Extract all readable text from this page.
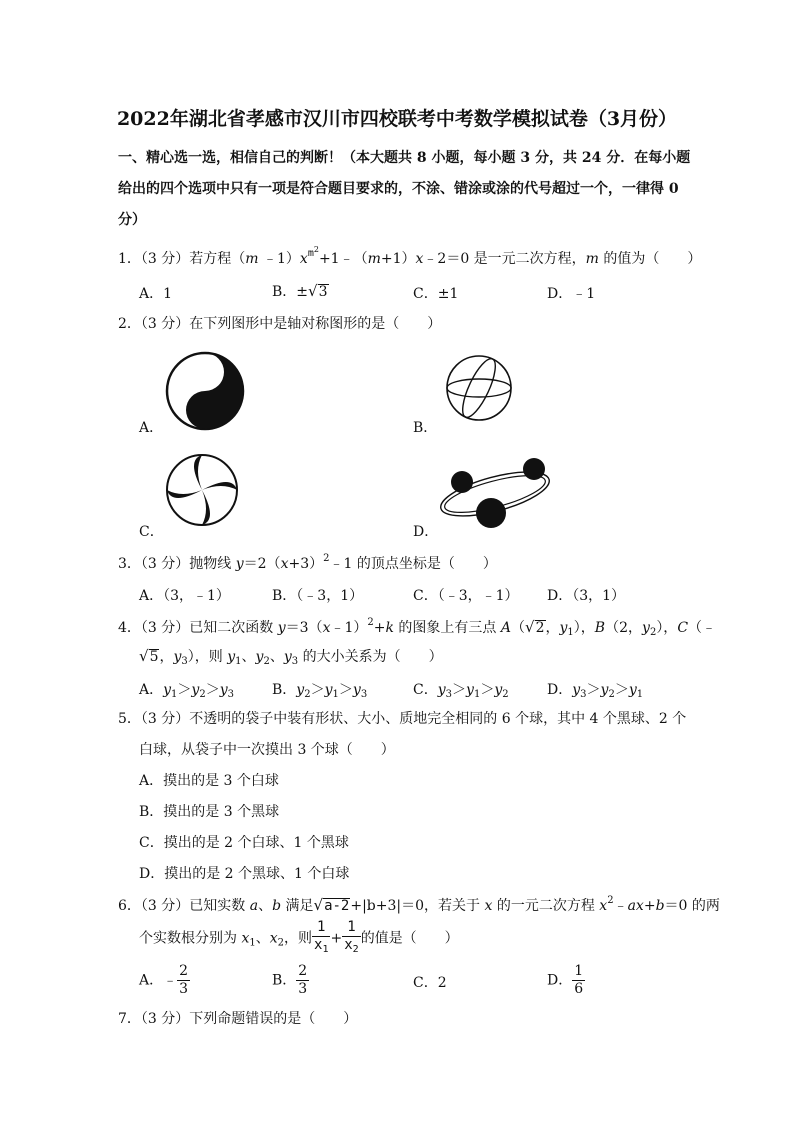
2022年湖北省孝感市汉川市四校联考中考数学模拟试卷（3月份）
一、精心选一选，相信自己的判断！（本大题共 8 小题，每小题 3 分，共 24 分．在每小题
给出的四个选项中只有一项是符合题目要求的，不涂、错涂或涂的代号超过一个，一律得 0
分）
1．（3 分）若方程（m $﹣1)x^{m^2}+1﹣(m+1)x﹣2=0$ 是一元二次方程，m 的值为（　　）
A．1	B．±√3	C．±1	D．﹣1
2．（3 分）在下列图形中是轴对称图形的是（　　）
A．	B．
C．	D．
3．（3 分）抛物线 $y=2(x+3)^2﹣1$ 的顶点坐标是（　　）
A．（3，﹣1）	B．（﹣3，1）	C．（﹣3，﹣1） D．（3，1）
4．（3 分）已知二次函数 y＝3（x﹣1）$^2$+k 的图象上有三点 A（√2，$y_1$），B（2，$y_2$），C（﹣
√5，$y_3$），则 $y_1$、$y_2$、$y_3$ 的大小关系为（　　）
A．$y_1>y_2>y_3$	B．$y_2>y_1>y_3$	C．$y_3>y_1>y_2$	D．$y_3>y_2>y_1$
5．（3 分）不透明的袋子中装有形状、大小、质地完全相同的 6 个球，其中 4 个黑球、2 个
白球，从袋子中一次摸出 3 个球（　　）
A．摸出的是 3 个白球
B．摸出的是 3 个黑球
C．摸出的是 2 个白球、1 个黑球
D．摸出的是 2 个黑球、1 个白球
6．（3 分）已知实数 a、b 满足√a-2+|b+3|＝0，若关于 x 的一元二次方程 $x^2﹣ax+b=0$ 的两
个实数根分别为 $x_1$、$x_2$，则 $\frac{1}{x_1} + \frac{1}{x_2}$ 的值是（　　）
A．﹣ $\frac{2}{3}$	B． $\frac{2}{3}$	C．2	D． $\frac{1}{6}$
7．（3 分）下列命题错误的是（　　）
